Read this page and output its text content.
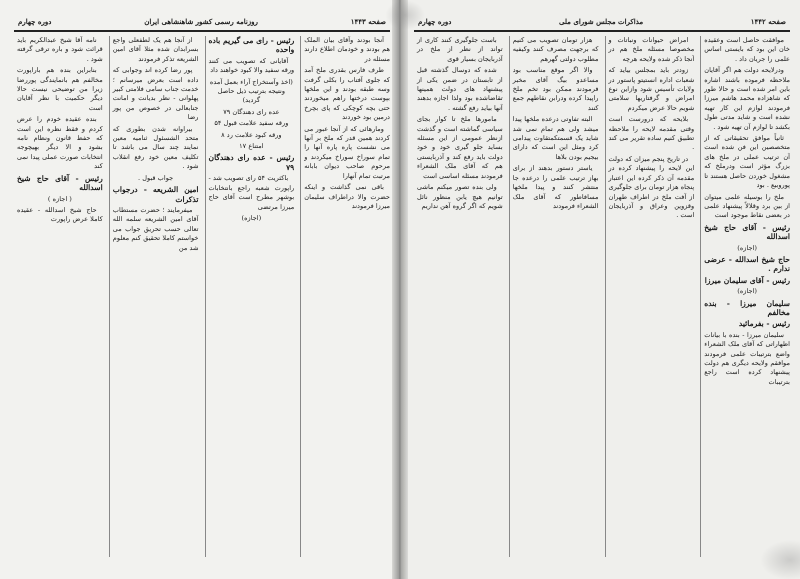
صفحه ۱۴۴۳
روزنامه رسمی کشور شاهنشاهی ایران
دوره چهارم

آنجا بودند وآقای بیان الملک هم بودند و خودمان اطلاع دارند مسئله در

طرف فارس بقدری ملخ آمد که جلوی آفتاب را بکلی گرفت وسه طبقه بودند و این ملخها بپوست درختها راهم میخوردند حتی بچه کوچکی که پای بچرخ درمین بود خوردند

ومارهائی که از آنجا عبور می کردند همین قدر که ملخ بر آنها می نشست پاره پاره آنها را تمام سوراخ سوراخ میکردند و مرحوم صاحب دیوان بابانه مرتبت تمام آنهارا

باقی نمی گذاشت و اینکه حضرت والا دراطراف سلیمان میرزا فرمودند

رئیس - رای می گیریم باده واحده

آقایانی که تصویب می کنند ورقه سفید والا کبود خواهند داد

(اخذ وآستخراج آراء بعمل آمده ونتیجه بترتیب ذیل حاصل گردید)

عده رای دهندگان ۷۹

ورقه سفید علامت قبول ۵۴

ورقه کبود علامت رد ۸

امتناع ۱۷

رئیس - عده رای دهندگان ۷۹

باکثریت ۵۴ رای تصویب شد - راپورت شعبه راجع بانتخابات بوشهر مطرح است آقای حاج میرزا مرتضی

(اجازه)

از آنجا هم یک لطفعلی واجع بسرابدان شده مثلا آقای امین الشریعه تذکر فرمودند

پور رضا کرده اند وجوابی که داده است بعرض میرسانم ؛ خدمت جناب سامی فلامتی کبیر پهلوانی - نظر بدیانت و امانت جنابعالی در خصوص من پور رضا

بیراوانه شدن بطوری که متحد الشسئول ثنامیه معین نمایند چند سال می باشد تا تکلیف معین خود رفع انقلاب شود .

جواب قبول .

امین الشریعه - درجواب تذکرات

میفرمایند ؛ حضرت مستطاب آقای امین الشریعه سلمه الله تعالی حسب تحریق جواب می خواستم کاملا تحقیق کنم معلوم شد من

نامه آقا شیخ عبدالکریم باید قرائت شود و باره ترقی گرفته شود .

بنابراین بنده هم باراپورت مخالفم هم بانمایندگی پوررضا زیرا من توضیحی نیست حالا دیگر حکمیت با نظر آقایان است

بنده عقیده خودم را عرض کردم و فقط نظره این است که حفظ قانون ونظام نامه بشود و الا دیگر بهیچوجه انتخابات صورت عملی پیدا نمی کند

رئیس - آقای حاج شیخ اسدالله

( اجازه )

حاج شیخ اسدالله - عقیده کاملا عرض راپورت

صفحه ۱۴۴۲
مذاکرات مجلس شورای ملی
دوره چهارم

موافقت حاصل است وعقیده خان این بود که بایستی اساس علمی را جریان داد .

ودرلایحه دولت هم اگر آقایان ملاحظه فرموده باشند اشاره باین امر شده است و حالا طور که شاهزاده محمد هاشم میرزا فرمودند لوازم این کار تهیه نشده است و شاید مدتی طول بکشد تا لوازم آن تهیه شود .

ثانیاً موافق تحقیقاتی که از متخصصین این فن شده است آن ترتیب عملی در ملخ های بزرگ مؤثر است ودرملخ که مشغول خوردن حاصل هستند تا پوروبیع . بود

ملخ را بوسیله علمی میتوان از بین برد وقلالاً پیشنهاد علمی در بعضی نقاط موجود است

رئیس - آقای حاج شیخ اسدالله

(اجازه)

حاج شیخ اسدالله - عرضی ندارم .

رئیس - آقای سلیمان میرزا

(اجازه)

سلیمان میرزا - بنده مخالفم

رئیس - بفرمائید

سلیمان میرزا - بنده با بیانات اظهاراتی که آقای ملک الشعراء واضع بترتیبات علمی فرمودند موافقم ولایحه دیگری هم دولت پیشنهاد کرده است راجع بترتیبات

امراض حیوانات ونباتات و مخصوصا مسئله ملخ هم در آنجا ذکر شده ولایحه هرچه

زودتر باید بمجلس بیاید که شعبات اداره انستیتو پاستور در ولایات تأسیس شود وازاین نوع امراض و گرفتاریها سلامتی شویم حالا عرض میکردم

بلایحه که درورست است وقتی مقدمه لایحه را ملاحظه تطبیق کنیم ساده تقریر می کند .

در تاریخ پنجم میزان که دولت این لایحه را پیشنهاد کرده در مقدمه آن ذکر کرده این اعتبار پنجاه هزار تومان برای جلوگیری از آفت ملخ در اطراف طهران وقزوین وعراق و آذربایجان است .

هزار تومان تصویب می کنیم که برجهت مصرف کنند وکیفیه مطلوب دولتی گهرهم

والا اگر موقع مناسب بود مساعدو بیگ آقای مخبر فرمودند ممکن بود تخم ملخ راپیدا کرده ودرابن نقاطهم جمع کنند

البته تفاوتی درعده ملخها پیدا میشد ولی هم تمام نمی شد شاید یک قسمتکمتقاوت پیدامی کرد ومثل این است که دارای بیجیم بودن بلاها

یاستر دستور بدهند از برای بهاز ترتیب علمی را درعده جا منتشر کنند و پیدا ملخها مسافاطور که آقای ملک الشعراء فرمودند

باست جلوگیری کنند کاری از تواند از نظر از ملخ در آذربایجان بسیار قوی

شده که دوسال گذشته قبل از تابستان در ضمن یکی از پیشنهاد های دولت همینها تقاضاشده بود ولذا اجازه بدهند آنها بیاید رفع گشته .

مامورها ملخ تا کوار بجای سیاسی گماشته است و گذشت ازنظر عمومی از این مسئله بساید جلو گیری خود و خود دولت باید رفع کند و آذربایستی هم که آقای ملک الشعراء فرمودند مسئله اساسی است

ولی بنده تصور میکنم ماشی توانیم هیچ یابن منظور نائل شویم که اگر گروه آهن نداریم
